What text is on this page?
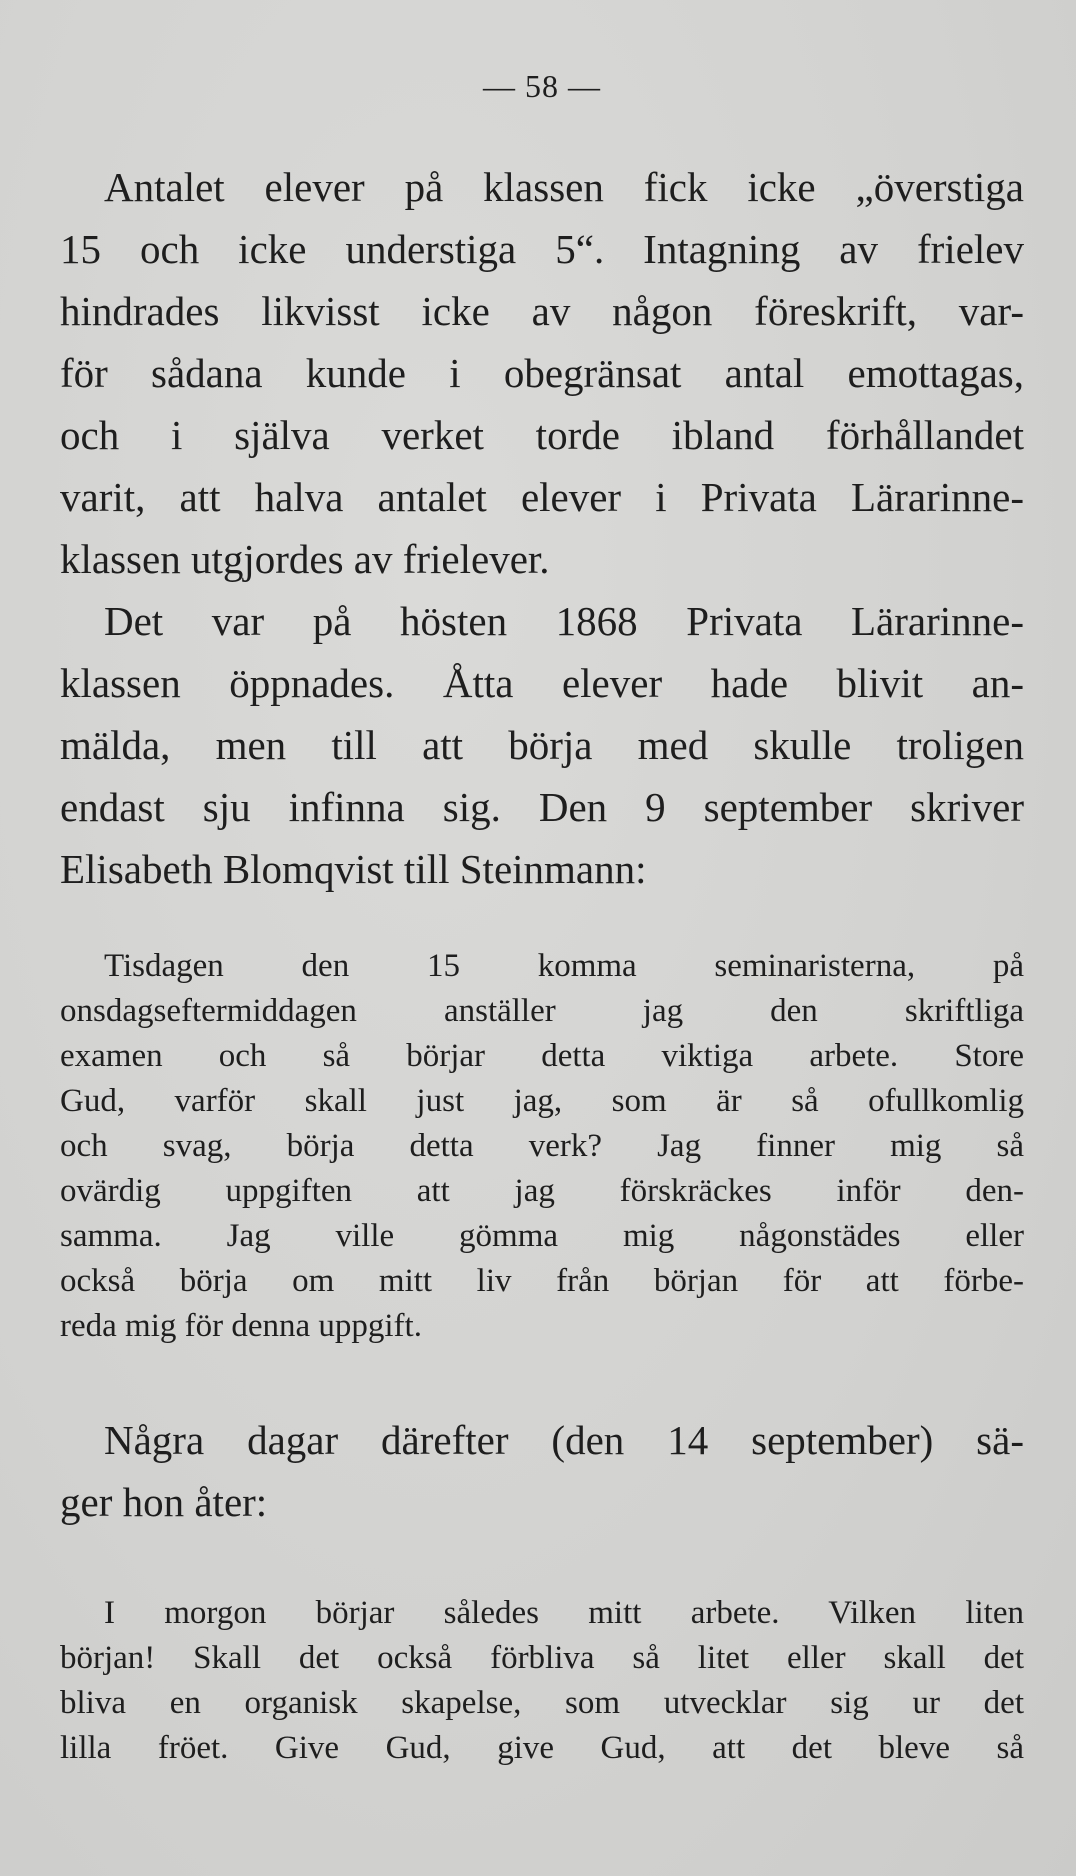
— 58 —

Antalet elever på klassen fick icke „överstiga
15 och icke understiga 5“. Intagning av frielev
hindrades likvisst icke av någon föreskrift, var-
för sådana kunde i obegränsat antal emottagas,
och i själva verket torde ibland förhållandet
varit, att halva antalet elever i Privata Lärarinne-
klassen utgjordes av frielever.

Det var på hösten 1868 Privata Lärarinne-
klassen öppnades. Åtta elever hade blivit an-
mälda, men till att börja med skulle troligen
endast sju infinna sig. Den 9 september skriver
Elisabeth Blomqvist till Steinmann:

Tisdagen den 15 komma seminaristerna, på
onsdagseftermiddagen anställer jag den skriftliga
examen och så börjar detta viktiga arbete. Store
Gud, varför skall just jag, som är så ofullkomlig
och svag, börja detta verk? Jag finner mig så
ovärdig uppgiften att jag förskräckes inför den-
samma. Jag ville gömma mig någonstädes eller
också börja om mitt liv från början för att förbe-
reda mig för denna uppgift.

Några dagar därefter (den 14 september) sä-
ger hon åter:

I morgon börjar således mitt arbete. Vilken liten
början! Skall det också förbliva så litet eller skall det
bliva en organisk skapelse, som utvecklar sig ur det
lilla fröet. Give Gud, give Gud, att det bleve så
